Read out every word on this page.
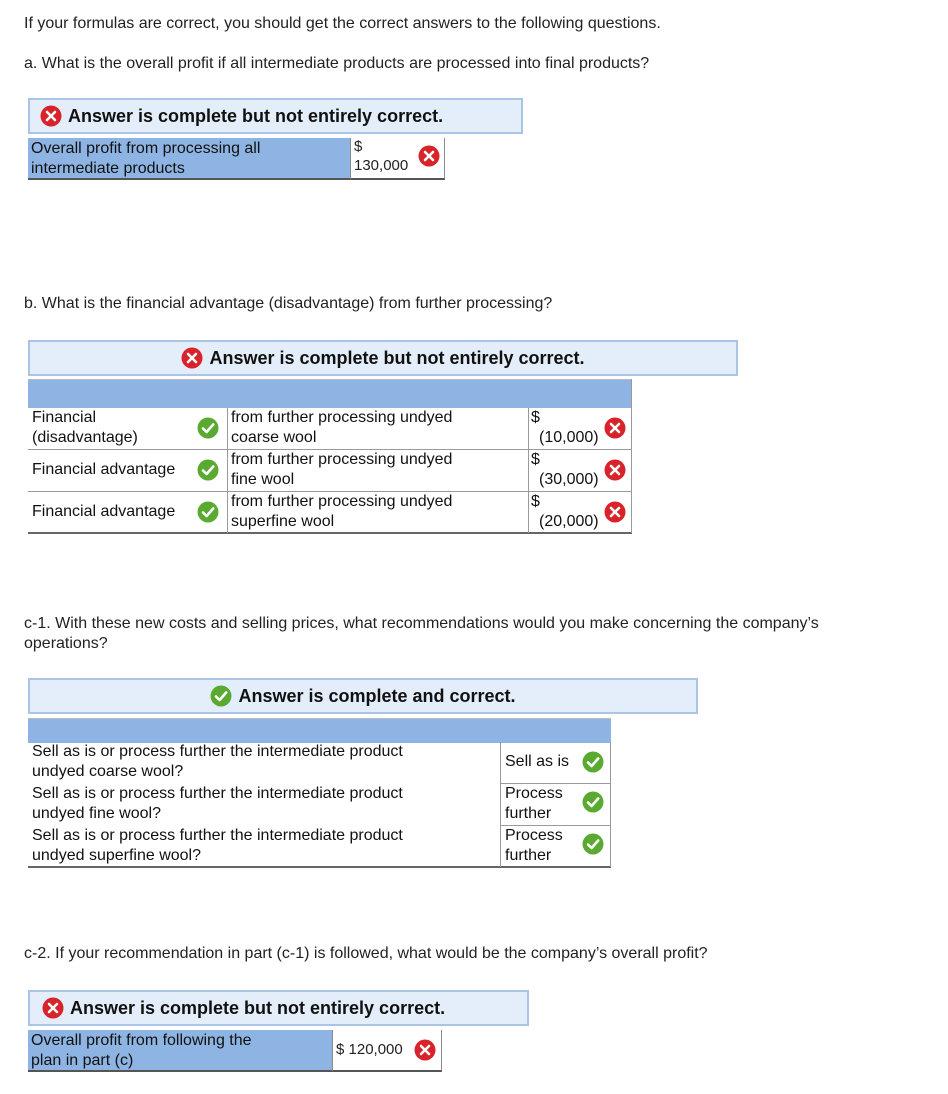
If your formulas are correct, you should get the correct answers to the following questions.
a. What is the overall profit if all intermediate products are processed into final products?
Answer is complete but not entirely correct.
Overall profit from processing all
intermediate products
$
130,000
b. What is the financial advantage (disadvantage) from further processing?
Answer is complete but not entirely correct.
Financial
(disadvantage)
from further processing undyed
coarse wool
$
(10,000)
Financial advantage
from further processing undyed
fine wool
$
(30,000)
Financial advantage
from further processing undyed
superfine wool
$
(20,000)
c-1. With these new costs and selling prices, what recommendations would you make concerning the company’s
operations?
Answer is complete and correct.
Sell as is or process further the intermediate product
undyed coarse wool?
Sell as is or process further the intermediate product
undyed fine wool?
Sell as is or process further the intermediate product
undyed superfine wool?
Sell as is
Process
further
Process
further
c-2. If your recommendation in part (c-1) is followed, what would be the company’s overall profit?
Answer is complete but not entirely correct.
Overall profit from following the
plan in part (c)
$ 120,000
